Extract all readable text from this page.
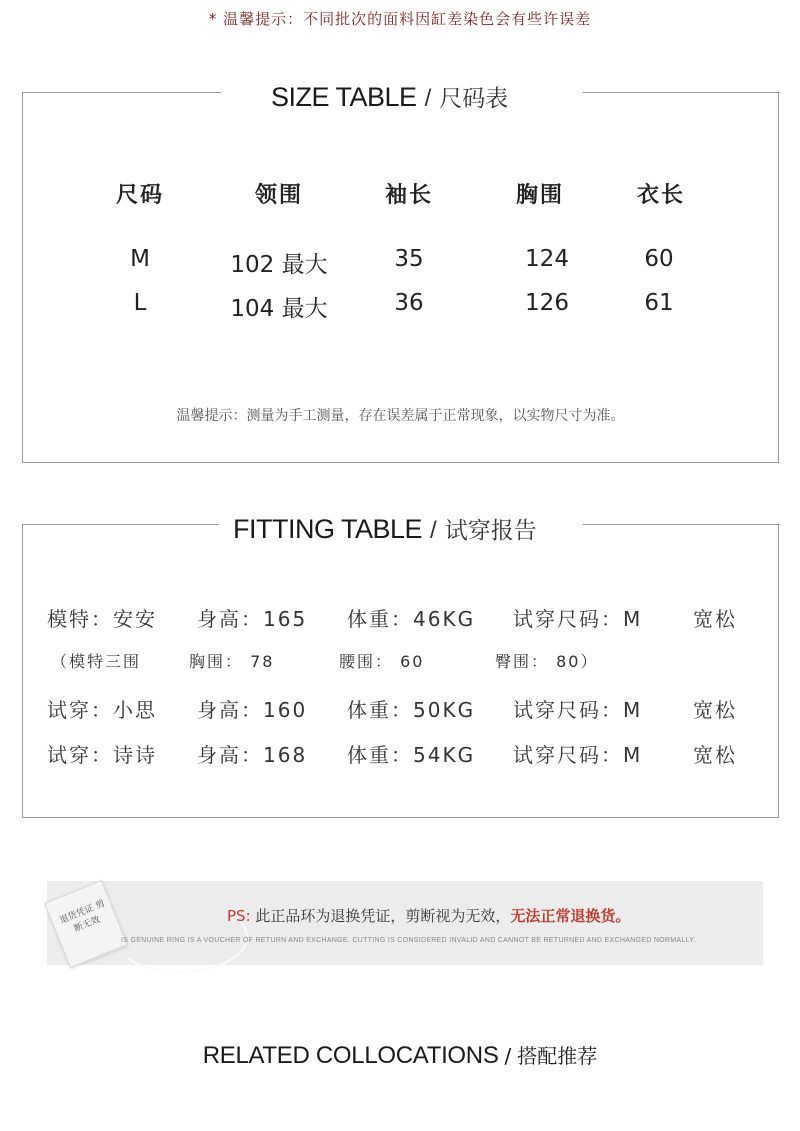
* 温馨提示：不同批次的面料因缸差染色会有些许误差
SIZE TABLE / 尺码表
尺码	领围	袖长	胸围	衣长
M	102 最大	35	124	60
L	104 最大	36	126	61
温馨提示：测量为手工测量，存在误差属于正常现象，以实物尺寸为准。
FITTING TABLE / 试穿报告
模特：安安 身高：165 体重：46KG 试穿尺码：M	宽松
（模特三围	胸围： 78	腰围： 60	臀围： 80）
试穿：小思 身高：160 体重：50KG 试穿尺码：M	宽松
试穿：诗诗 身高：168 体重：54KG 试穿尺码：M	宽松
退货凭证 剪断无效	PS: 此正品环为退换凭证，剪断视为无效，无法正常退换货。
IS GENUINE RING IS A VOUCHER OF RETURN AND EXCHANGE. CUTTING IS CONSIDERED INVALID AND CANNOT BE RETURNED AND EXCHANGED NORMALLY.
RELATED COLLOCATIONS / 搭配推荐
